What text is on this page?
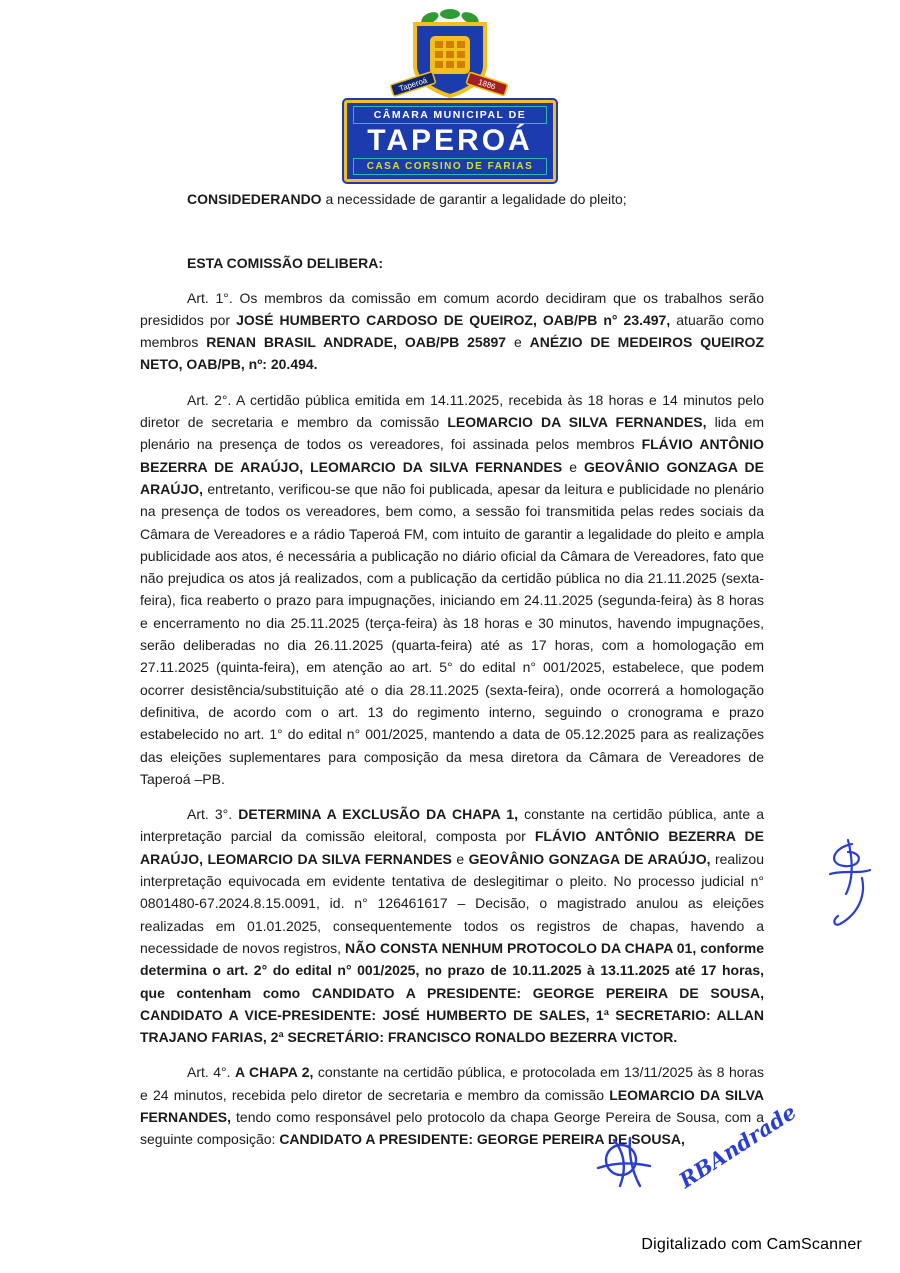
Taperoá	1886
CÂMARA MUNICIPAL DE
TAPEROÁ
CASA CORSINO DE FARIAS

CONSIDEDERANDO a necessidade de garantir a legalidade do pleito;

ESTA COMISSÃO DELIBERA:

Art. 1°. Os membros da comissão em comum acordo decidiram que os trabalhos serão presididos por JOSÉ HUMBERTO CARDOSO DE QUEIROZ, OAB/PB n° 23.497, atuarão como membros RENAN BRASIL ANDRADE, OAB/PB 25897 e ANÉZIO DE MEDEIROS QUEIROZ NETO, OAB/PB, nº: 20.494.

Art. 2°. A certidão pública emitida em 14.11.2025, recebida às 18 horas e 14 minutos pelo diretor de secretaria e membro da comissão LEOMARCIO DA SILVA FERNANDES, lida em plenário na presença de todos os vereadores, foi assinada pelos membros FLÁVIO ANTÔNIO BEZERRA DE ARAÚJO, LEOMARCIO DA SILVA FERNANDES e GEOVÂNIO GONZAGA DE ARAÚJO, entretanto, verificou-se que não foi publicada, apesar da leitura e publicidade no plenário na presença de todos os vereadores, bem como, a sessão foi transmitida pelas redes sociais da Câmara de Vereadores e a rádio Taperoá FM, com intuito de garantir a legalidade do pleito e ampla publicidade aos atos, é necessária a publicação no diário oficial da Câmara de Vereadores, fato que não prejudica os atos já realizados, com a publicação da certidão pública no dia 21.11.2025 (sexta-feira), fica reaberto o prazo para impugnações, iniciando em 24.11.2025 (segunda-feira) às 8 horas e encerramento no dia 25.11.2025 (terça-feira) às 18 horas e 30 minutos, havendo impugnações, serão deliberadas no dia 26.11.2025 (quarta-feira) até as 17 horas, com a homologação em 27.11.2025 (quinta-feira), em atenção ao art. 5° do edital n° 001/2025, estabelece, que podem ocorrer desistência/substituição até o dia 28.11.2025 (sexta-feira), onde ocorrerá a homologação definitiva, de acordo com o art. 13 do regimento interno, seguindo o cronograma e prazo estabelecido no art. 1° do edital n° 001/2025, mantendo a data de 05.12.2025 para as realizações das eleições suplementares para composição da mesa diretora da Câmara de Vereadores de Taperoá –PB.

Art. 3°. DETERMINA A EXCLUSÃO DA CHAPA 1, constante na certidão pública, ante a interpretação parcial da comissão eleitoral, composta por FLÁVIO ANTÔNIO BEZERRA DE ARAÚJO, LEOMARCIO DA SILVA FERNANDES e GEOVÂNIO GONZAGA DE ARAÚJO, realizou interpretação equivocada em evidente tentativa de deslegitimar o pleito. No processo judicial n° 0801480-67.2024.8.15.0091, id. n° 126461617 – Decisão, o magistrado anulou as eleições realizadas em 01.01.2025, consequentemente todos os registros de chapas, havendo a necessidade de novos registros, NÃO CONSTA NENHUM PROTOCOLO DA CHAPA 01, conforme determina o art. 2° do edital n° 001/2025, no prazo de 10.11.2025 à 13.11.2025 até 17 horas, que contenham como CANDIDATO A PRESIDENTE: GEORGE PEREIRA DE SOUSA, CANDIDATO A VICE-PRESIDENTE: JOSÉ HUMBERTO DE SALES, 1ª SECRETARIO: ALLAN TRAJANO FARIAS, 2ª SECRETÁRIO: FRANCISCO RONALDO BEZERRA VICTOR.

Art. 4°. A CHAPA 2, constante na certidão pública, e protocolada em 13/11/2025 às 8 horas e 24 minutos, recebida pelo diretor de secretaria e membro da comissão LEOMARCIO DA SILVA FERNANDES, tendo como responsável pelo protocolo da chapa George Pereira de Sousa, com a seguinte composição: CANDIDATO A PRESIDENTE: GEORGE PEREIRA DE SOUSA,

RBAndrade
Digitalizado com CamScanner
